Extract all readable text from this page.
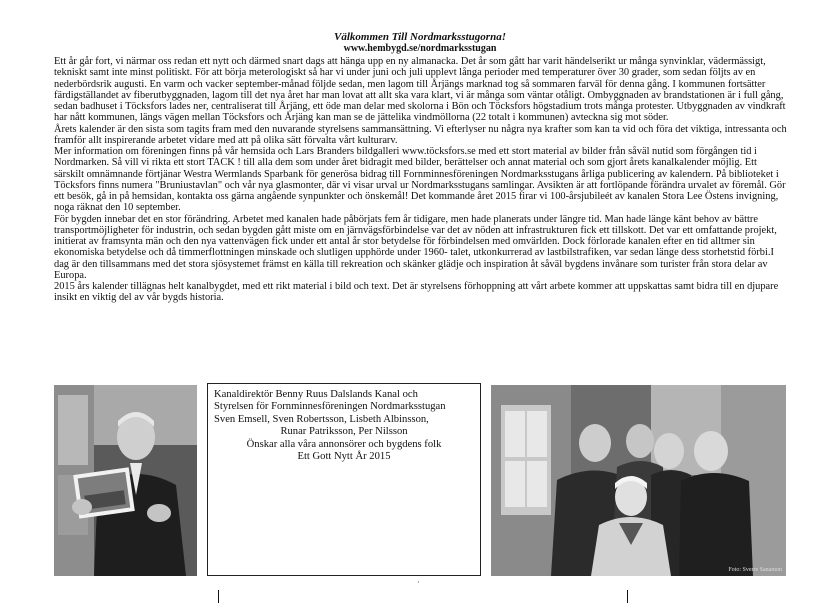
Välkommen Till Nordmarksstugorna!
www.hembygd.se/nordmarksstugan

Ett år går fort, vi närmar oss redan ett nytt och därmed snart dags att hänga upp en ny almanacka. Det år som gått har varit händelserikt ur många synvinklar, vädermässigt, tekniskt samt inte minst politiskt. För att börja meterologiskt så har vi under juni och juli upplevt långa perioder med temperaturer över 30 grader, som sedan följts av en nederbördsrik augusti. En varm och vacker september-månad följde sedan, men lagom till Årjängs marknad tog så sommaren farväl för denna gång. I kommunen fortsätter färdigställandet av fiberutbyggnaden, lagom till det nya året har man lovat att allt ska vara klart, vi är många som väntar otåligt. Ombyggnaden av brandstationen är i full gång, sedan badhuset i Töcksfors lades ner, centraliserat till Årjäng, ett öde man delar med skolorna i Bön och Töcksfors högstadium trots många protester. Utbyggnaden av vindkraft har nått kommunen, längs vägen mellan Töcksfors och Årjäng kan man se de jättelika vindmöllorna (22 totalt i kommunen) avteckna sig mot söder.

Årets kalender är den sista som tagits fram med den nuvarande styrelsens sammansättning. Vi efterlyser nu några nya krafter som kan ta vid och föra det viktiga, intressanta och framför allt inspirerande arbetet vidare med att på olika sätt förvalta vårt kulturarv.

Mer information om föreningen finns på vår hemsida och Lars Branders bildgalleri www.töcksfors.se med ett stort material av bilder från såväl nutid som förgången tid i Nordmarken. Så vill vi rikta ett stort TACK ! till alla dem som under året bidragit med bilder, berättelser och annat material och som gjort årets kanalkalender möjlig. Ett särskilt omnämnande förtjänar Westra Wermlands Sparbank för generösa bidrag till Fornminnesföreningen Nordmarksstugans årliga publicering av kalendern. På biblioteket i Töcksfors finns numera "Bruniustavlan" och vår nya glasmonter, där vi visar urval ur Nordmarksstugans samlingar. Avsikten är att fortlöpande förändra urvalet av föremål. Gör ett besök, gå in på hemsidan, kontakta oss gärna angående synpunkter och önskemål! Det kommande året 2015 firar vi 100-årsjubileét av kanalen Stora Lee Östens invigning, noga räknat den 10 september.

För bygden innebar det en stor förändring. Arbetet med kanalen hade påbörjats fem år tidigare, men hade planerats under längre tid. Man hade länge känt behov av bättre transportmöjligheter för industrin, och sedan bygden gått miste om en järnvägsförbindelse var det av nöden att infrastrukturen fick ett tillskott. Det var ett omfattande projekt, initierat av framsynta män och den nya vattenvägen fick under ett antal år stor betydelse för förbindelsen med omvärlden. Dock förlorade kanalen efter en tid alltmer sin ekonomiska betydelse och då timmerflottningen minskade och slutligen upphörde under 1960- talet, utkonkurrerad av lastbilstrafiken, var sedan länge dess storhetstid förbi.I dag är den tillsammans med det stora sjösystemet främst en källa till rekreation och skänker glädje och inspiration åt såväl bygdens invånare som turister från stora delar av Europa.

2015 års kalender tillägnas helt kanalbygdet, med ett rikt material i bild och text. Det är styrelsens förhoppning att vårt arbete kommer att uppskattas samt bidra till en djupare insikt en viktig del av vår bygds historia.

Kanaldirektör Benny Ruus Dalslands Kanal och
Styrelsen för Fornminnesföreningen Nordmarksstugan
Sven Emsell, Sven Robertsson, Lisbeth Albinsson,
Runar Patriksson, Per Nilsson
Önskar alla våra annonsörer och bygdens folk
Ett Gott Nytt År 2015
Foto: Sverre Sanamon
·
